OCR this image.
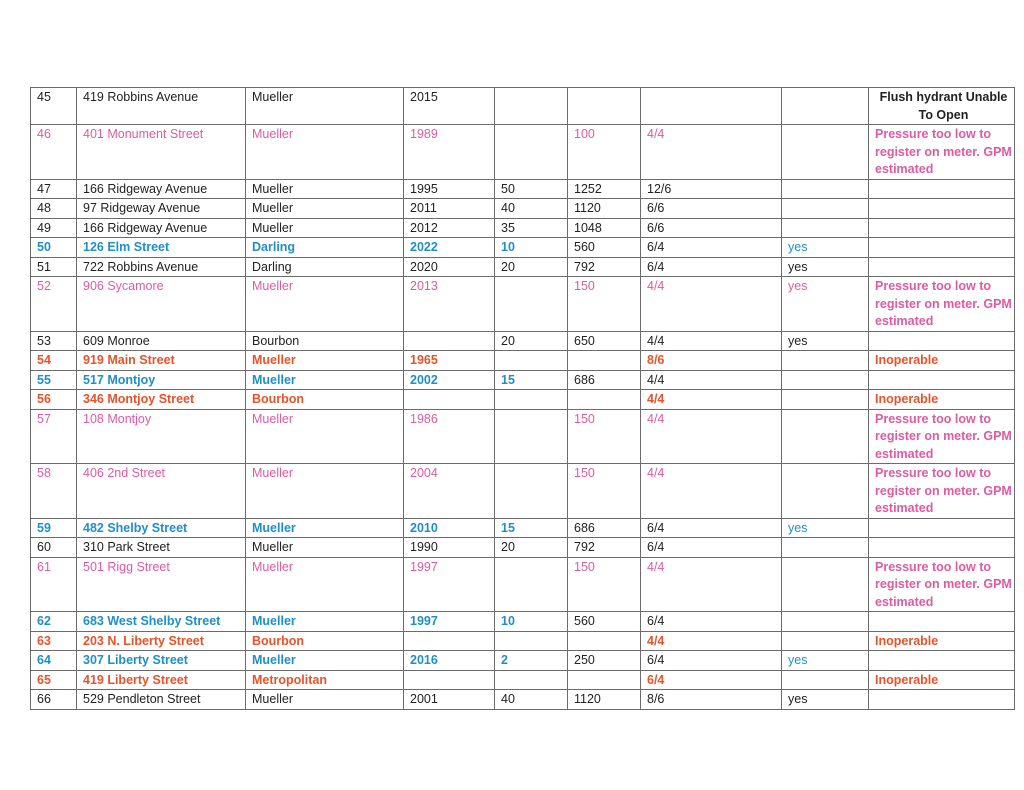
45	419 Robbins Avenue	Mueller	2015					Flush hydrant Unable To Open
46	401 Monument Street	Mueller	1989		100	4/4		Pressure too low to register on meter. GPM estimated
47	166 Ridgeway Avenue	Mueller	1995	50	1252	12/6		
48	97 Ridgeway Avenue	Mueller	2011	40	1120	6/6		
49	166 Ridgeway Avenue	Mueller	2012	35	1048	6/6		
50	126 Elm Street	Darling	2022	10	560	6/4	yes	
51	722 Robbins Avenue	Darling	2020	20	792	6/4	yes	
52	906 Sycamore	Mueller	2013		150	4/4	yes	Pressure too low to register on meter. GPM estimated
53	609 Monroe	Bourbon		20	650	4/4	yes	
54	919 Main Street	Mueller	1965			8/6		Inoperable
55	517 Montjoy	Mueller	2002	15	686	4/4		
56	346 Montjoy Street	Bourbon				4/4		Inoperable
57	108 Montjoy	Mueller	1986		150	4/4		Pressure too low to register on meter. GPM estimated
58	406 2nd Street	Mueller	2004		150	4/4		Pressure too low to register on meter. GPM estimated
59	482 Shelby Street	Mueller	2010	15	686	6/4	yes	
60	310 Park Street	Mueller	1990	20	792	6/4		
61	501 Rigg Street	Mueller	1997		150	4/4		Pressure too low to register on meter. GPM estimated
62	683 West Shelby Street	Mueller	1997	10	560	6/4		
63	203 N. Liberty Street	Bourbon				4/4		Inoperable
64	307 Liberty Street	Mueller	2016	2	250	6/4	yes	
65	419 Liberty Street	Metropolitan				6/4		Inoperable
66	529 Pendleton Street	Mueller	2001	40	1120	8/6	yes	
